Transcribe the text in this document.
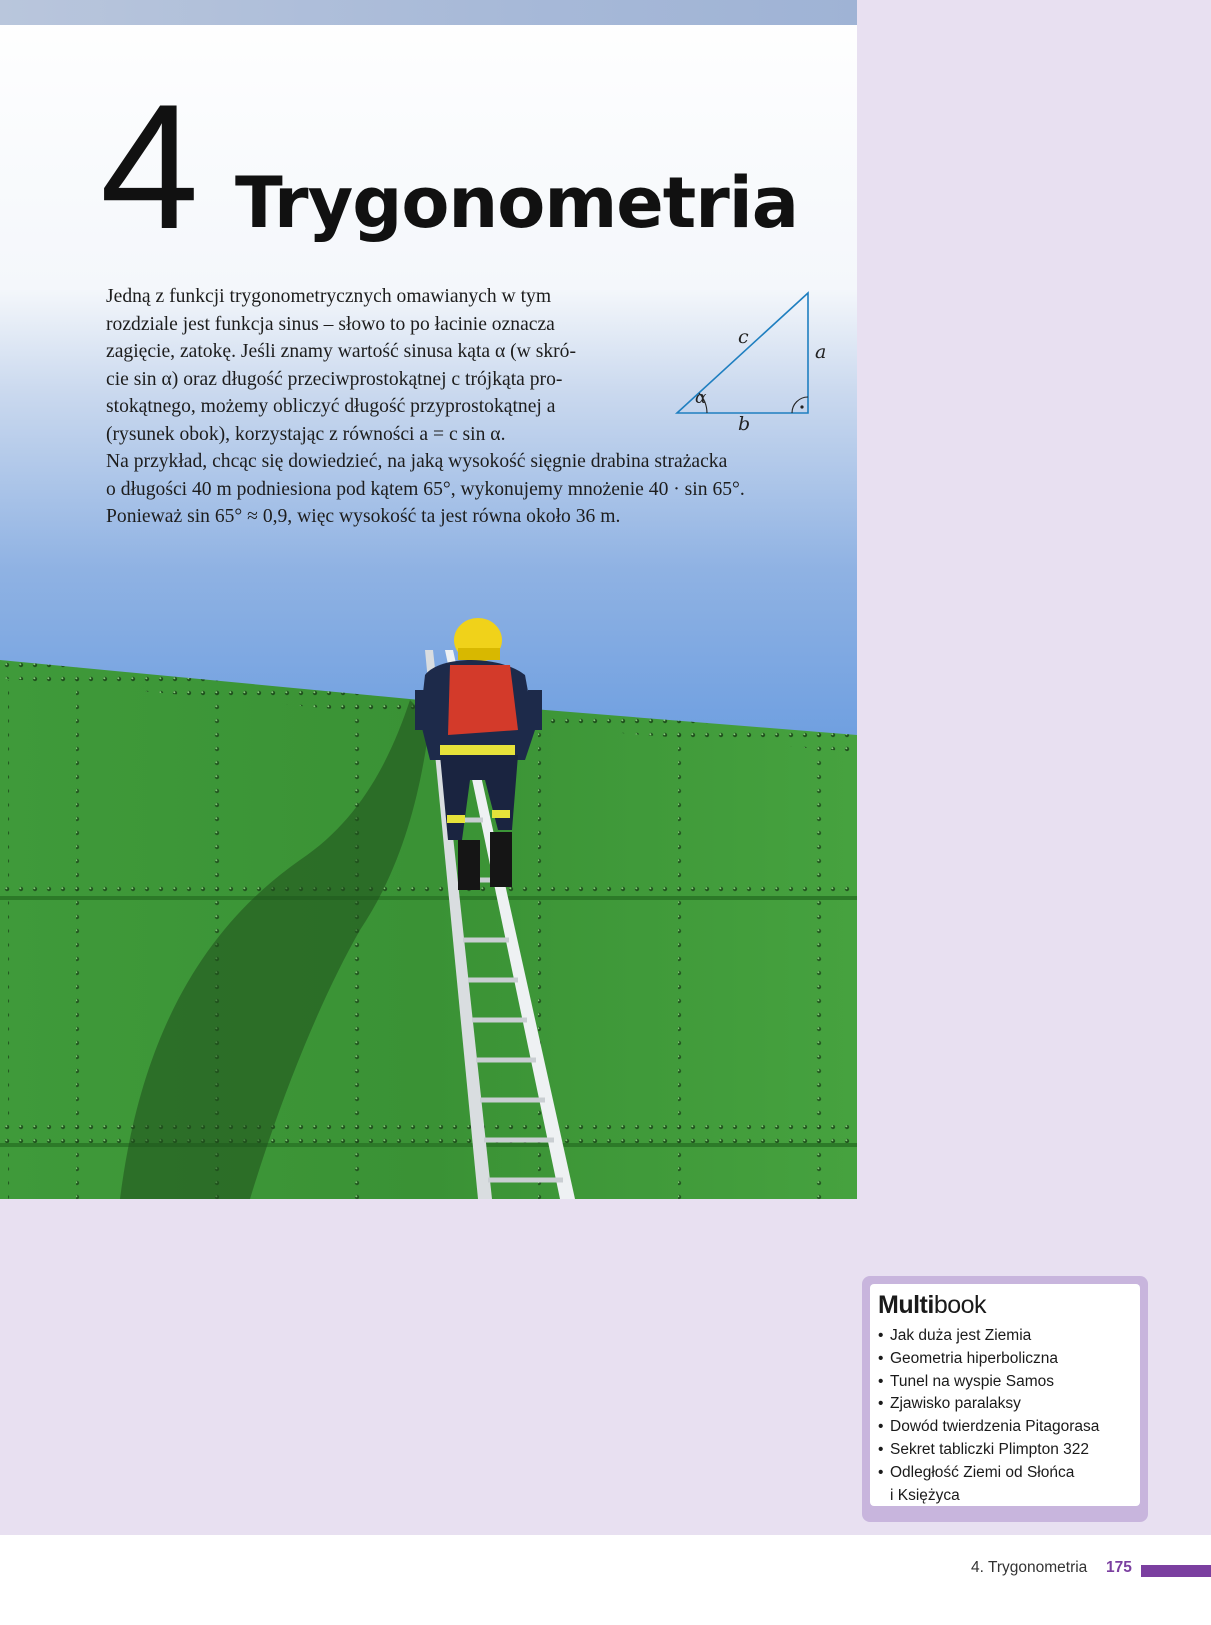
4 Trygonometria
Jedną z funkcji trygonometrycznych omawianych w tym
rozdziale jest funkcja sinus – słowo to po łacinie oznacza
zagięcie, zatokę. Jeśli znamy wartość sinusa kąta α (w skró-
cie sin α) oraz długość przeciwprostokątnej c trójkąta pro-
stokątnego, możemy obliczyć długość przyprostokątnej a
(rysunek obok), korzystając z równości a = c sin α.
Na przykład, chcąc się dowiedzieć, na jaką wysokość sięgnie drabina strażacka
o długości 40 m podniesiona pod kątem 65°, wykonujemy mnożenie 40 · sin 65°.
Ponieważ sin 65° ≈ 0,9, więc wysokość ta jest równa około 36 m.
c
a
b
α
Multibook
• Jak duża jest Ziemia
• Geometria hiperboliczna
• Tunel na wyspie Samos
• Zjawisko paralaksy
• Dowód twierdzenia Pitagorasa
• Sekret tabliczki Plimpton 322
• Odległość Ziemi od Słońca
i Księżyca
4. Trygonometria 175
